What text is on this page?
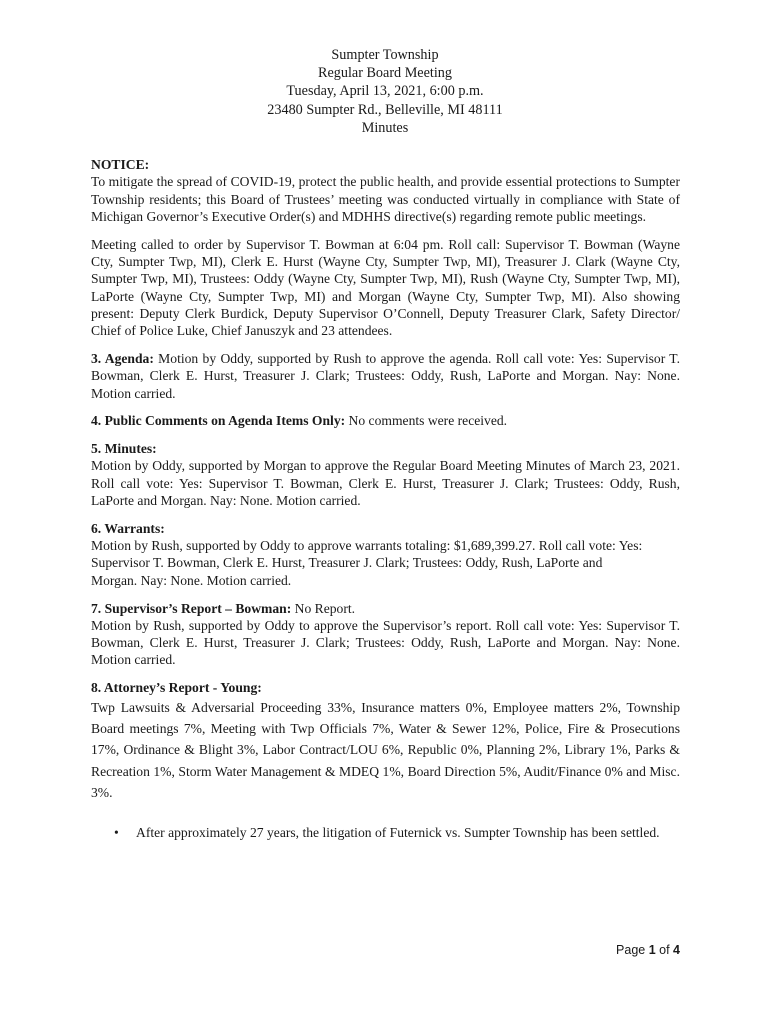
Sumpter Township
Regular Board Meeting
Tuesday, April 13, 2021, 6:00 p.m.
23480 Sumpter Rd., Belleville, MI 48111
Minutes

NOTICE:

To mitigate the spread of COVID-19, protect the public health, and provide essential protections to Sumpter Township residents; this Board of Trustees’ meeting was conducted virtually in compliance with State of Michigan Governor’s Executive Order(s) and MDHHS directive(s) regarding remote public meetings.

Meeting called to order by Supervisor T. Bowman at 6:04 pm. Roll call: Supervisor T. Bowman (Wayne Cty, Sumpter Twp, MI), Clerk E. Hurst (Wayne Cty, Sumpter Twp, MI), Treasurer J. Clark (Wayne Cty, Sumpter Twp, MI), Trustees: Oddy (Wayne Cty, Sumpter Twp, MI), Rush (Wayne Cty, Sumpter Twp, MI), LaPorte (Wayne Cty, Sumpter Twp, MI) and Morgan (Wayne Cty, Sumpter Twp, MI). Also showing present: Deputy Clerk Burdick, Deputy Supervisor O’Connell, Deputy Treasurer Clark, Safety Director/ Chief of Police Luke, Chief Januszyk and 23 attendees.

3. Agenda: Motion by Oddy, supported by Rush to approve the agenda. Roll call vote: Yes: Supervisor T. Bowman, Clerk E. Hurst, Treasurer J. Clark; Trustees: Oddy, Rush, LaPorte and Morgan. Nay: None. Motion carried.

4. Public Comments on Agenda Items Only: No comments were received.

5. Minutes:

Motion by Oddy, supported by Morgan to approve the Regular Board Meeting Minutes of March 23, 2021. Roll call vote: Yes: Supervisor T. Bowman, Clerk E. Hurst, Treasurer J. Clark; Trustees: Oddy, Rush, LaPorte and Morgan. Nay: None. Motion carried.

6. Warrants:

Motion by Rush, supported by Oddy to approve warrants totaling: $1,689,399.27. Roll call vote: Yes:
Supervisor T. Bowman, Clerk E. Hurst, Treasurer J. Clark; Trustees: Oddy, Rush, LaPorte and
Morgan. Nay: None. Motion carried.

7. Supervisor’s Report – Bowman: No Report.

Motion by Rush, supported by Oddy to approve the Supervisor’s report. Roll call vote: Yes: Supervisor T. Bowman, Clerk E. Hurst, Treasurer J. Clark; Trustees: Oddy, Rush, LaPorte and Morgan. Nay: None. Motion carried.

8. Attorney’s Report - Young:

Twp Lawsuits & Adversarial Proceeding 33%, Insurance matters 0%, Employee matters 2%, Township Board meetings 7%, Meeting with Twp Officials 7%, Water & Sewer 12%, Police, Fire & Prosecutions 17%, Ordinance & Blight 3%, Labor Contract/LOU 6%, Republic 0%, Planning 2%, Library 1%, Parks & Recreation 1%, Storm Water Management & MDEQ 1%, Board Direction 5%, Audit/Finance 0% and Misc. 3%.

• After approximately 27 years, the litigation of Futernick vs. Sumpter Township has been settled.
Page 1 of 4
